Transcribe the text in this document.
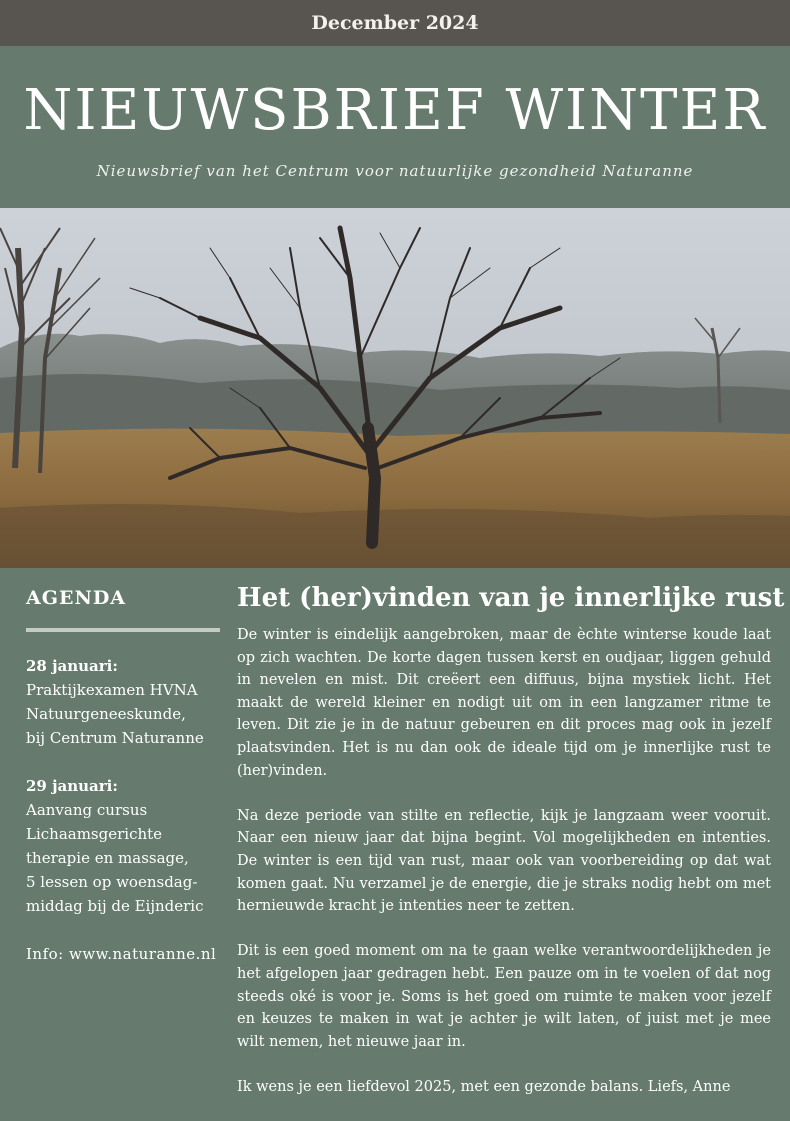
December 2024
NIEUWSBRIEF WINTER
Nieuwsbrief van het Centrum voor natuurlijke gezondheid Naturanne
AGENDA
28 januari:
Praktijkexamen HVNA
Natuurgeneeskunde,
bij Centrum Naturanne
29 januari:
Aanvang cursus
Lichaamsgerichte
therapie en massage,
5 lessen op woensdag-
middag bij de Eijnderic
Info: www.naturanne.nl
Het (her)vinden van je innerlijke rust

De winter is eindelijk aangebroken, maar de èchte winterse koude laat op zich wachten. De korte dagen tussen kerst en oudjaar, liggen gehuld in nevelen en mist. Dit creëert een diffuus, bijna mystiek licht. Het maakt de wereld kleiner en nodigt uit om in een langzamer ritme te leven. Dit zie je in de natuur gebeuren en dit proces mag ook in jezelf plaatsvinden. Het is nu dan ook de ideale tijd om je innerlijke rust te (her)vinden.

Na deze periode van stilte en reflectie, kijk je langzaam weer vooruit. Naar een nieuw jaar dat bijna begint. Vol mogelijkheden en intenties. De winter is een tijd van rust, maar ook van voorbereiding op dat wat komen gaat. Nu verzamel je de energie, die je straks nodig hebt om met hernieuwde kracht je intenties neer te zetten.

Dit is een goed moment om na te gaan welke verantwoordelijkheden je het afgelopen jaar gedragen hebt. Een pauze om in te voelen of dat nog steeds oké is voor je. Soms is het goed om ruimte te maken voor jezelf en keuzes te maken in wat je achter je wilt laten, of juist met je mee wilt nemen, het nieuwe jaar in.

Ik wens je een liefdevol 2025, met een gezonde balans. Liefs, Anne
